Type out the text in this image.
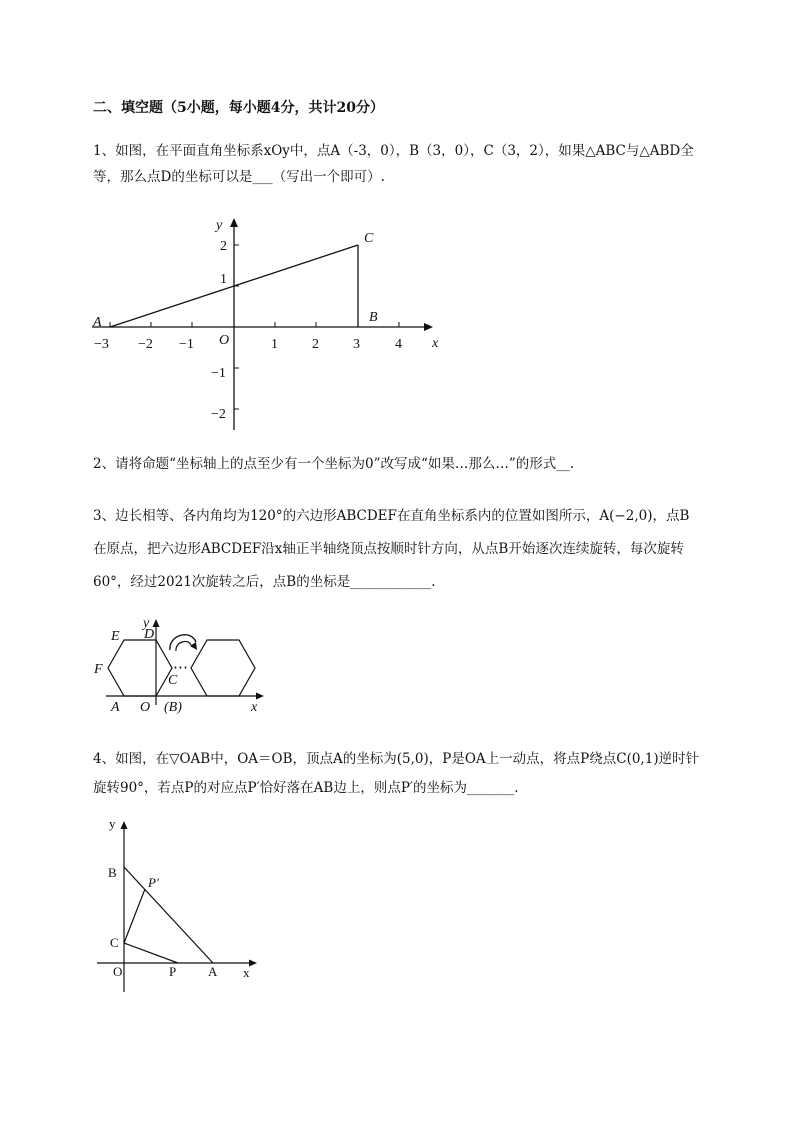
二、填空题（5小题，每小题4分，共计20分）
1、如图，在平面直角坐标系xOy中，点A（-3，0），B（3，0），C（3，2），如果△ABC与△ABD全
等，那么点D的坐标可以是___（写出一个即可）.
y
x
O
A	B
C
−3 −2 −1	1 2 3	4
2
1
−1
−2
2、请将命题“坐标轴上的点至少有一个坐标为0”改写成“如果…那么…”的形式__.
3、边长相等、各内角均为120°的六边形ABCDEF在直角坐标系内的位置如图所示，A(−2,0)，点B
在原点，把六边形ABCDEF沿x轴正半轴绕顶点按顺时针方向，从点B开始逐次连续旋转，每次旋转
60°，经过2021次旋转之后，点B的坐标是____________.
E D
F
C
A O (B)
y
x
⋯
4、如图，在▽OAB中，OA＝OB，顶点A的坐标为(5,0)，P是OA上一动点，将点P绕点C(0,1)逆时针
旋转90°，若点P的对应点P′恰好落在AB边上，则点P′的坐标为_______.
y
x
B
P′
C
O	P A
